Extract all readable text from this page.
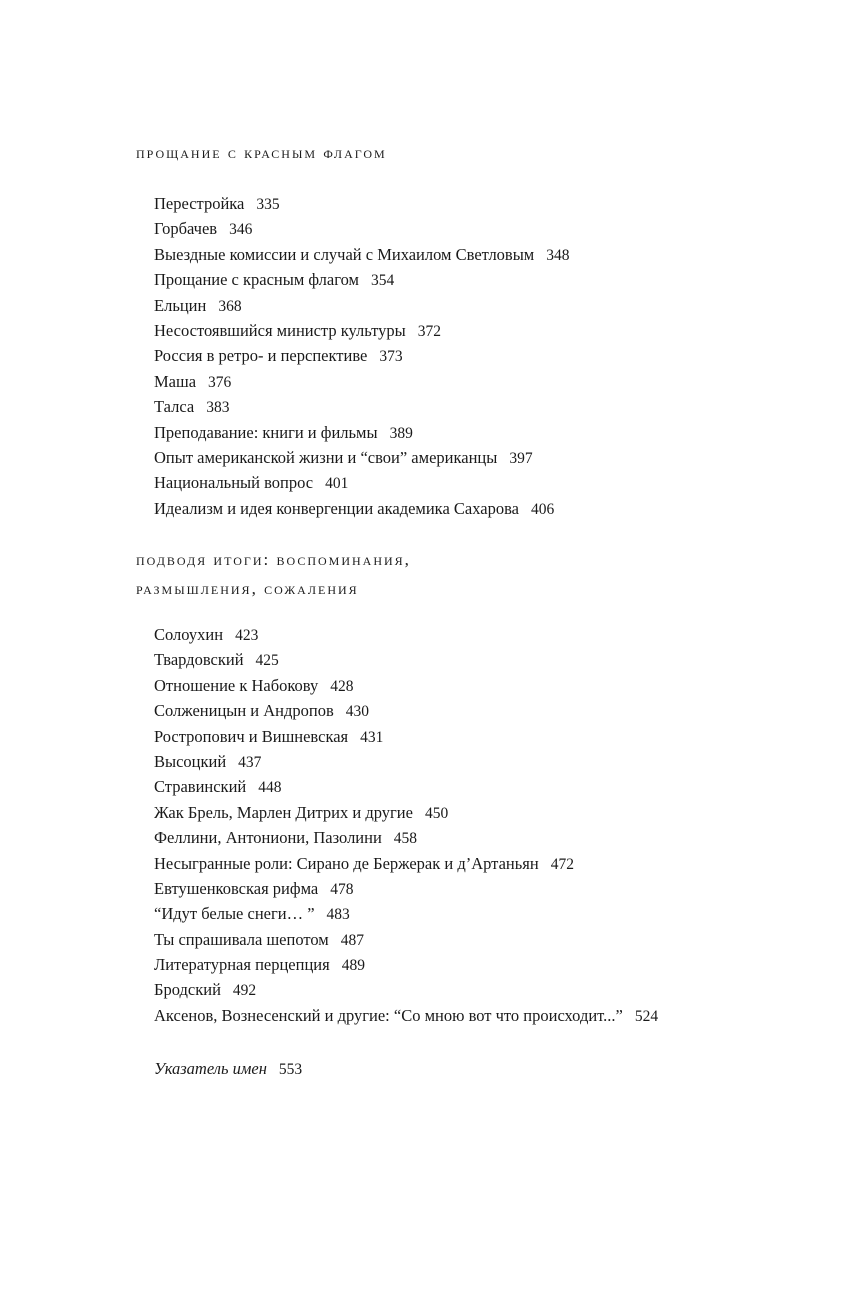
прощание с красным флагом
Перестройка 335
Горбачев 346
Выездные комиссии и случай с Михаилом Светловым 348
Прощание с красным флагом 354
Ельцин 368
Несостоявшийся министр культуры 372
Россия в ретро- и перспективе 373
Маша 376
Талса 383
Преподавание: книги и фильмы 389
Опыт американской жизни и “свои” американцы 397
Национальный вопрос 401
Идеализм и идея конвергенции академика Сахарова 406
подводя итоги: воспоминания,
размышления, сожаления
Солоухин 423
Твардовский 425
Отношение к Набокову 428
Солженицын и Андропов 430
Ростропович и Вишневская 431
Высоцкий 437
Стравинский 448
Жак Брель, Марлен Дитрих и другие 450
Феллини, Антониони, Пазолини 458
Несыгранные роли: Сирано де Бержерак и д’Артаньян 472
Евтушенковская рифма 478
“Идут белые снеги… ” 483
Ты спрашивала шепотом 487
Литературная перцепция 489
Бродский 492
Аксенов, Вознесенский и другие: “Со мною вот что происходит...” 524
Указатель имен 553
